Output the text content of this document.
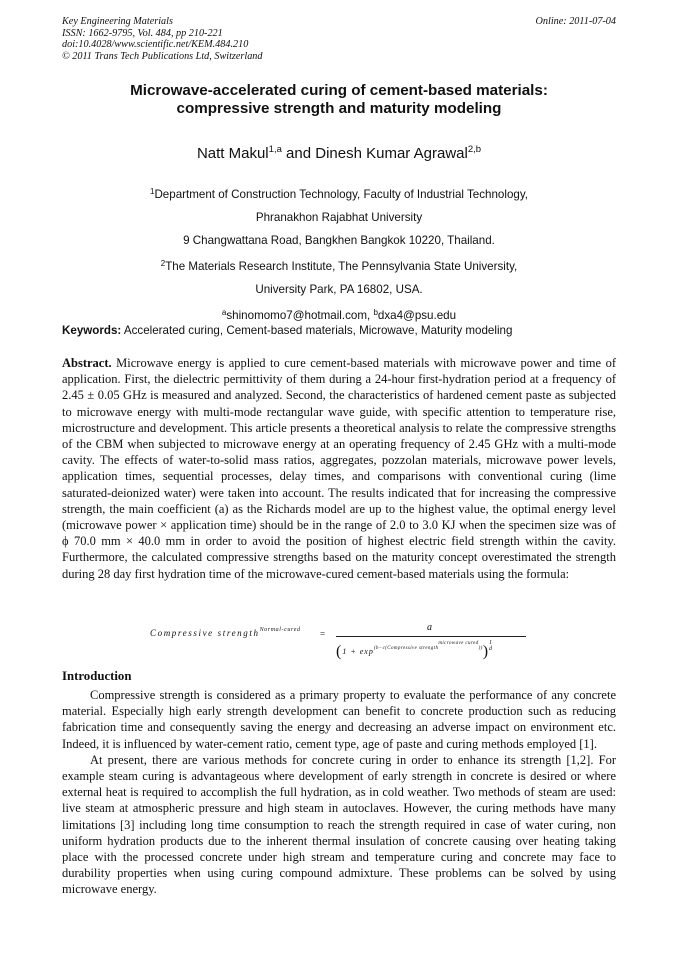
Key Engineering Materials
ISSN: 1662-9795, Vol. 484, pp 210-221
doi:10.4028/www.scientific.net/KEM.484.210
© 2011 Trans Tech Publications Ltd, Switzerland
Online: 2011-07-04
Microwave-accelerated curing of cement-based materials:
compressive strength and maturity modeling
Natt Makul$^{1,a}$ and Dinesh Kumar Agrawal$^{2,b}$
$^1$Department of Construction Technology, Faculty of Industrial Technology,
Phranakhon Rajabhat University
9 Changwattana Road, Bangkhen Bangkok 10220, Thailand.
$^2$The Materials Research Institute, The Pennsylvania State University,
University Park, PA 16802, USA.
$^a$shinomomo7@hotmail.com, $^b$dxa4@psu.edu
Keywords: Accelerated curing, Cement-based materials, Microwave, Maturity modeling
Abstract. Microwave energy is applied to cure cement-based materials with microwave power and time of application. First, the dielectric permittivity of them during a 24-hour first-hydration period at a frequency of 2.45 ± 0.05 GHz is measured and analyzed. Second, the characteristics of hardened cement paste as subjected to microwave energy with multi-mode rectangular wave guide, with specific attention to temperature rise, microstructure and development. This article presents a theoretical analysis to relate the compressive strengths of the CBM when subjected to microwave energy at an operating frequency of 2.45 GHz with a multi-mode cavity. The effects of water-to-solid mass ratios, aggregates, pozzolan materials, microwave power levels, application times, sequential processes, delay times, and comparisons with conventional curing (lime saturated-deionized water) were taken into account. The results indicated that for increasing the compressive strength, the main coefficient (a) as the Richards model are up to the highest value, the optimal energy level (microwave power × application time) should be in the range of 2.0 to 3.0 KJ when the specimen size was of ϕ 70.0 mm × 40.0 mm in order to avoid the position of highest electric field strength within the cavity. Furthermore, the calculated compressive strengths based on the maturity concept overestimated the strength during 28 day first hydration time of the microwave-cured cement-based materials using the formula:
Compressive strength$^{Normal-cured}$ =
a
$(1 + \exp^{(b-c(Compressive strength^{microwave cured}))})1$
d
Introduction

Compressive strength is considered as a primary property to evaluate the performance of any concrete material. Especially high early strength development can benefit to concrete production such as reducing fabrication time and consequently saving the energy and decreasing an adverse impact on environment etc. Indeed, it is influenced by water-cement ratio, cement type, age of paste and curing methods employed [1].

At present, there are various methods for concrete curing in order to enhance its strength [1,2]. For example steam curing is advantageous where development of early strength in concrete is desired or where external heat is required to accomplish the full hydration, as in cold weather. Two methods of steam are used: live steam at atmospheric pressure and high steam in autoclaves. However, the curing methods have many limitations [3] including long time consumption to reach the strength required in case of water curing, non uniform hydration products due to the inherent thermal insulation of concrete causing over heating taking place with the processed concrete under high stream and temperature curing and concrete may face to durability properties when using curing compound admixture. These problems can be solved by using microwave energy.
